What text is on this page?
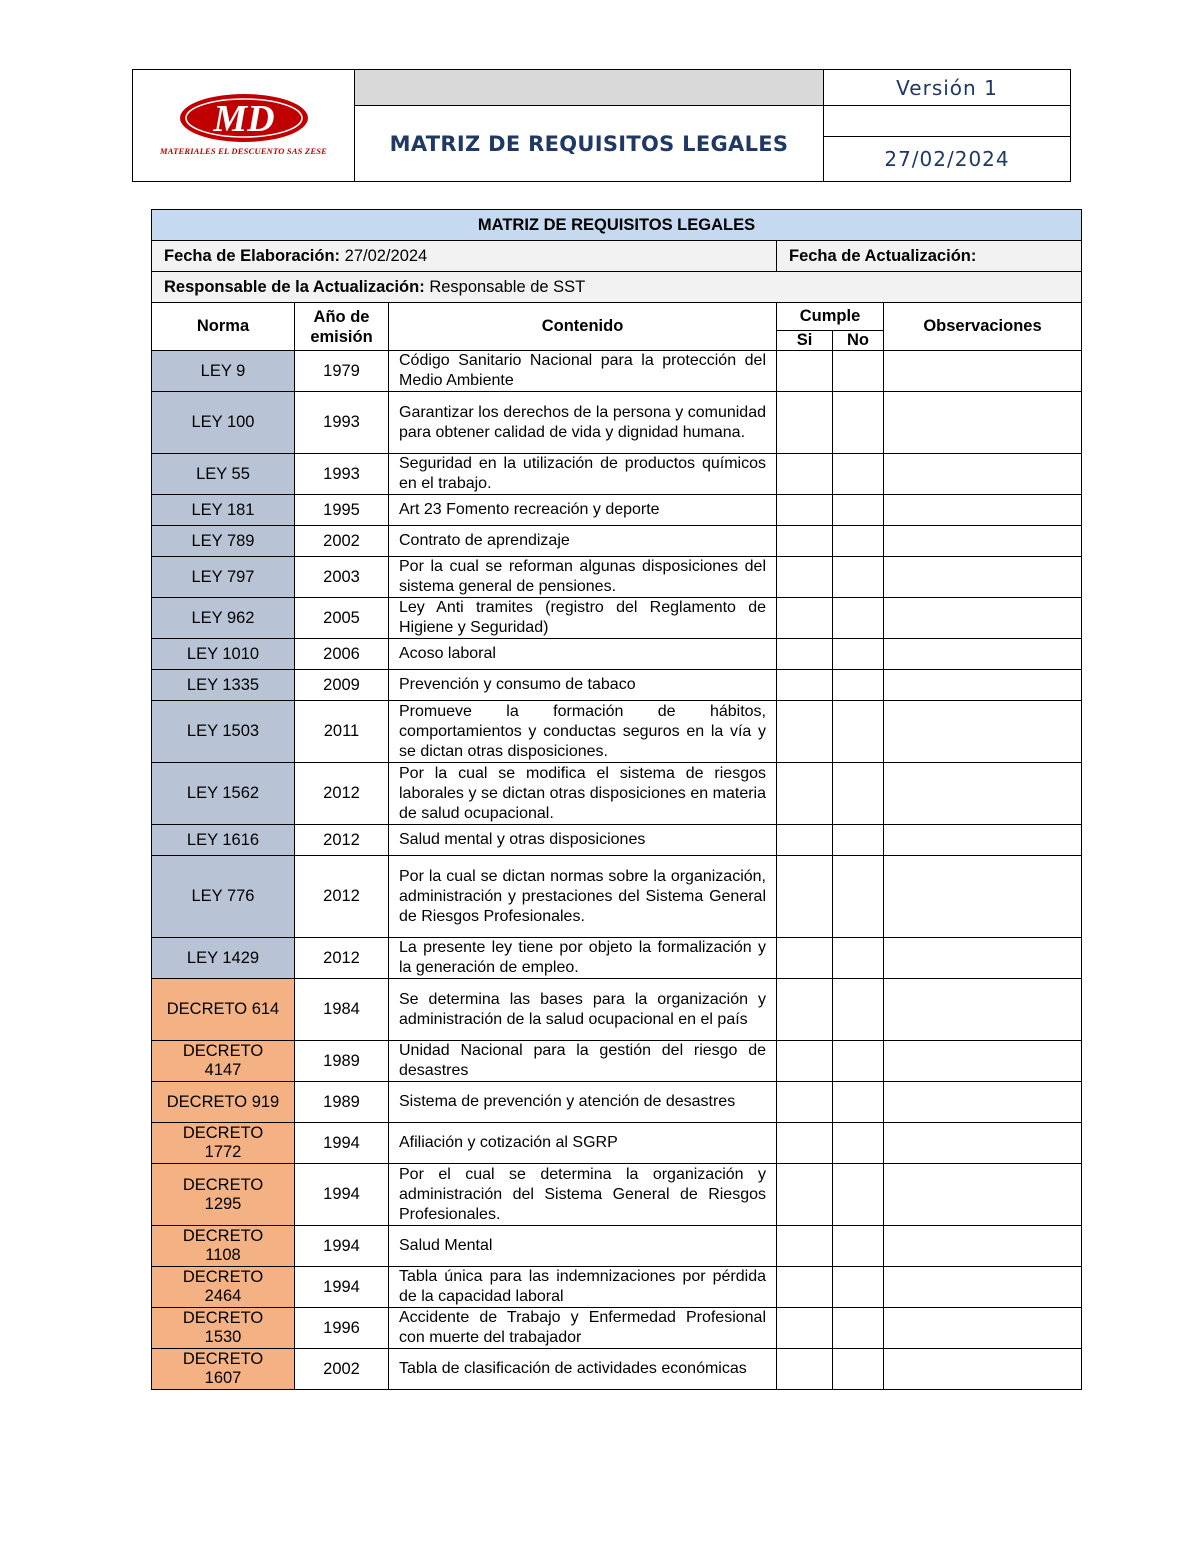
MD
MATERIALES EL DESCUENTO SAS ZESE		Versión 1
	MATRIZ DE REQUISITOS LEGALES	
		27/02/2024
MATRIZ DE REQUISITOS LEGALES					
Fecha de Elaboración: 27/02/2024			Fecha de Actualización:		
Responsable de la Actualización: Responsable de SST					
Norma	Año de emisión	Contenido	Cumple		Observaciones
			Si	No	
LEY 9	1979	Código Sanitario Nacional para la protección del Medio Ambiente			
LEY 100	1993	Garantizar los derechos de la persona y comunidad para obtener calidad de vida y dignidad humana.			
LEY 55	1993	Seguridad en la utilización de productos químicos en el trabajo.			
LEY 181	1995	Art 23 Fomento recreación y deporte			
LEY 789	2002	Contrato de aprendizaje			
LEY 797	2003	Por la cual se reforman algunas disposiciones del sistema general de pensiones.			
LEY 962	2005	Ley Anti tramites (registro del Reglamento de Higiene y Seguridad)			
LEY 1010	2006	Acoso laboral			
LEY 1335	2009	Prevención y consumo de tabaco			
LEY 1503	2011	Promueve la formación de hábitos, comportamientos y conductas seguros en la vía y se dictan otras disposiciones.			
LEY 1562	2012	Por la cual se modifica el sistema de riesgos laborales y se dictan otras disposiciones en materia de salud ocupacional.			
LEY 1616	2012	Salud mental y otras disposiciones			
LEY 776	2012	Por la cual se dictan normas sobre la organización, administración y prestaciones del Sistema General de Riesgos Profesionales.			
LEY 1429	2012	La presente ley tiene por objeto la formalización y la generación de empleo.			
DECRETO 614	1984	Se determina las bases para la organización y administración de la salud ocupacional en el país			
DECRETO 4147	1989	Unidad Nacional para la gestión del riesgo de desastres			
DECRETO 919	1989	Sistema de prevención y atención de desastres			
DECRETO 1772	1994	Afiliación y cotización al SGRP			
DECRETO 1295	1994	Por el cual se determina la organización y administración del Sistema General de Riesgos Profesionales.			
DECRETO 1108	1994	Salud Mental			
DECRETO 2464	1994	Tabla única para las indemnizaciones por pérdida de la capacidad laboral			
DECRETO 1530	1996	Accidente de Trabajo y Enfermedad Profesional con muerte del trabajador			
DECRETO 1607	2002	Tabla de clasificación de actividades económicas			
